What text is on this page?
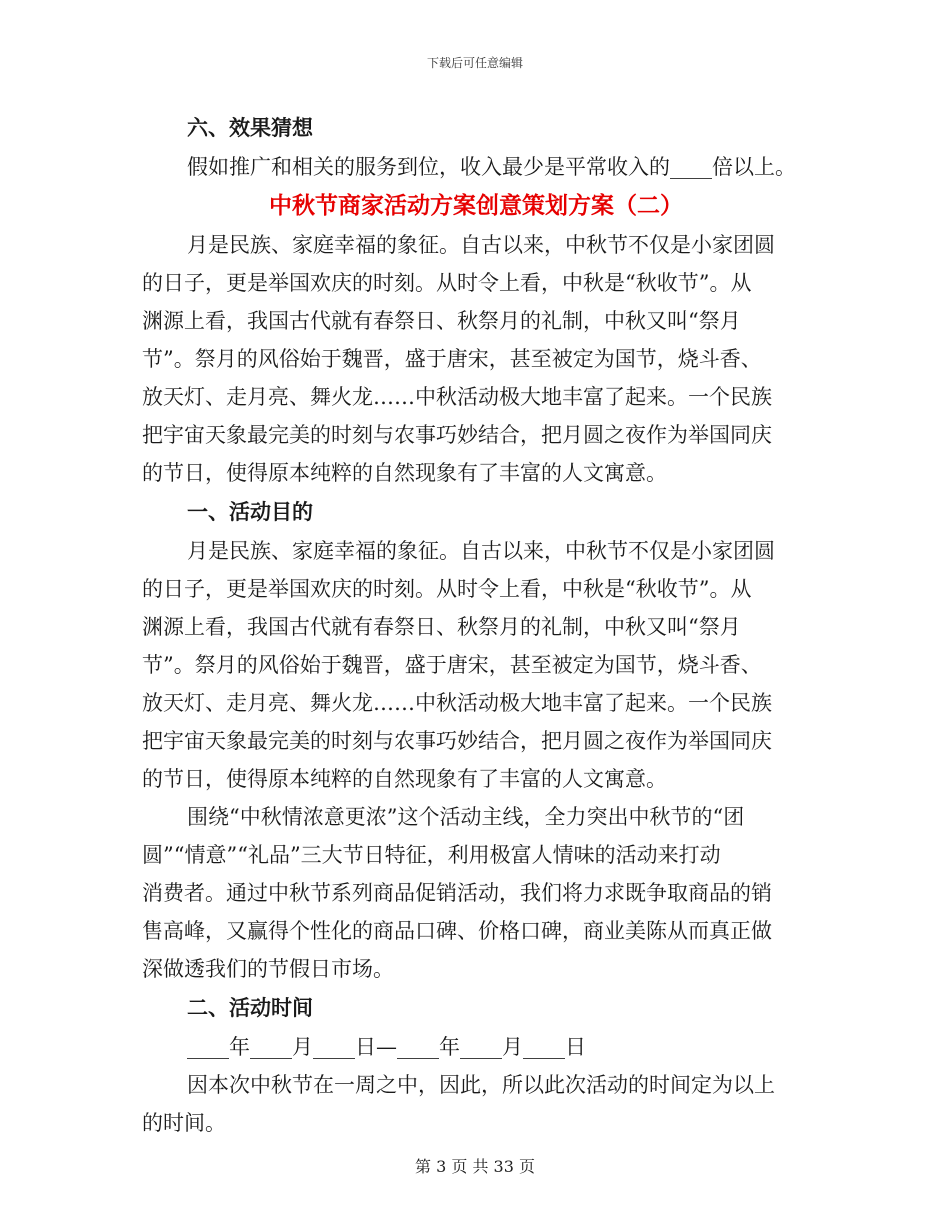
下载后可任意编辑

六、效果猜想

假如推广和相关的服务到位，收入最少是平常收入的____倍以上。

中秋节商家活动方案创意策划方案（二）

月是民族、家庭幸福的象征。自古以来，中秋节不仅是小家团圆

的日子，更是举国欢庆的时刻。从时令上看，中秋是“秋收节”。从

渊源上看，我国古代就有春祭日、秋祭月的礼制，中秋又叫“祭月

节”。祭月的风俗始于魏晋，盛于唐宋，甚至被定为国节，烧斗香、

放天灯、走月亮、舞火龙……中秋活动极大地丰富了起来。一个民族

把宇宙天象最完美的时刻与农事巧妙结合，把月圆之夜作为举国同庆

的节日，使得原本纯粹的自然现象有了丰富的人文寓意。

一、活动目的

月是民族、家庭幸福的象征。自古以来，中秋节不仅是小家团圆

的日子，更是举国欢庆的时刻。从时令上看，中秋是“秋收节”。从

渊源上看，我国古代就有春祭日、秋祭月的礼制，中秋又叫“祭月

节”。祭月的风俗始于魏晋，盛于唐宋，甚至被定为国节，烧斗香、

放天灯、走月亮、舞火龙……中秋活动极大地丰富了起来。一个民族

把宇宙天象最完美的时刻与农事巧妙结合，把月圆之夜作为举国同庆

的节日，使得原本纯粹的自然现象有了丰富的人文寓意。

围绕“中秋情浓意更浓”这个活动主线，全力突出中秋节的“团

圆”“情意”“礼品”三大节日特征，利用极富人情味的活动来打动

消费者。通过中秋节系列商品促销活动，我们将力求既争取商品的销

售高峰，又赢得个性化的商品口碑、价格口碑，商业美陈从而真正做

深做透我们的节假日市场。

二、活动时间

____年____月____日—____年____月____日

因本次中秋节在一周之中，因此，所以此次活动的时间定为以上

的时间。

第 3 页 共 33 页
